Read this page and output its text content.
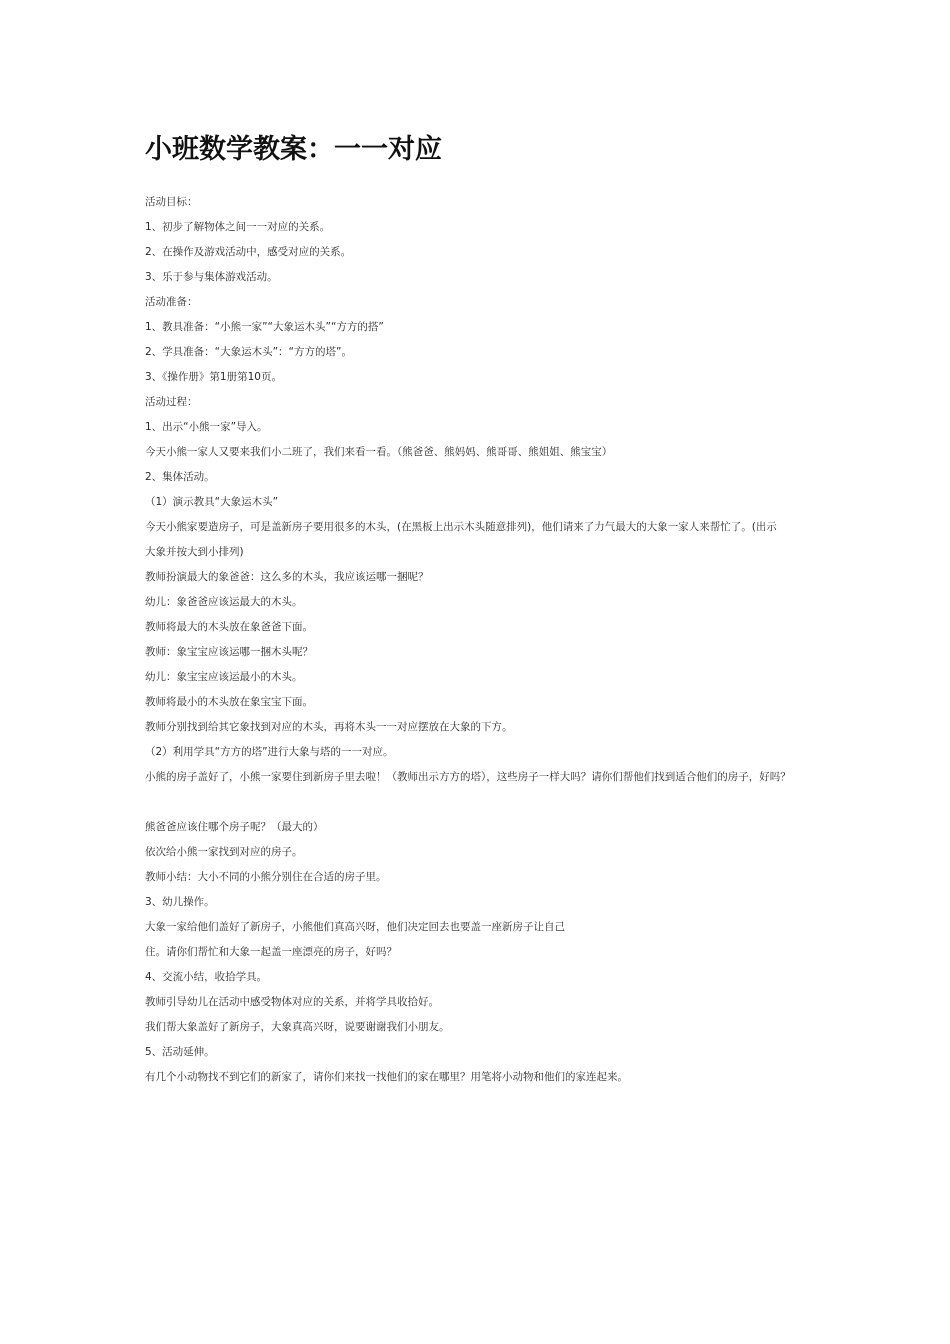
小班数学教案：一一对应

活动目标：

1、初步了解物体之间一一对应的关系。

2、在操作及游戏活动中，感受对应的关系。

3、乐于参与集体游戏活动。

活动准备：

1、教具准备：“小熊一家”“大象运木头”“方方的搭”

2、学具准备：“大象运木头”：“方方的塔”。

3、《操作册》第1册第10页。

活动过程：

1、出示“小熊一家”导入。

今天小熊一家人又要来我们小二班了，我们来看一看。（熊爸爸、熊妈妈、熊哥哥、熊姐姐、熊宝宝）

2、集体活动。

（1）演示教具“大象运木头”

今天小熊家要造房子，可是盖新房子要用很多的木头，(在黑板上出示木头随意排列)，他们请来了力气最大的大象一家人来帮忙了。(出示

大象并按大到小排列)

教师扮演最大的象爸爸：这么多的木头，我应该运哪一捆呢？

幼儿：象爸爸应该运最大的木头。

教师将最大的木头放在象爸爸下面。

教师：象宝宝应该运哪一捆木头呢？

幼儿：象宝宝应该运最小的木头。

教师将最小的木头放在象宝宝下面。

教师分别找到给其它象找到对应的木头，再将木头一一对应摆放在大象的下方。

（2）利用学具“方方的塔”进行大象与塔的一一对应。

小熊的房子盖好了，小熊一家要住到新房子里去啦！（教师出示方方的塔），这些房子一样大吗？请你们帮他们找到适合他们的房子，好吗？

熊爸爸应该住哪个房子呢？（最大的）

依次给小熊一家找到对应的房子。

教师小结：大小不同的小熊分别住在合适的房子里。

3、幼儿操作。

大象一家给他们盖好了新房子，小熊他们真高兴呀，他们决定回去也要盖一座新房子让自己

住。请你们帮忙和大象一起盖一座漂亮的房子，好吗？

4、交流小结，收拾学具。

教师引导幼儿在活动中感受物体对应的关系，并将学具收拾好。

我们帮大象盖好了新房子，大象真高兴呀，说要谢谢我们小朋友。

5、活动延伸。

有几个小动物找不到它们的新家了，请你们来找一找他们的家在哪里？用笔将小动物和他们的家连起来。
